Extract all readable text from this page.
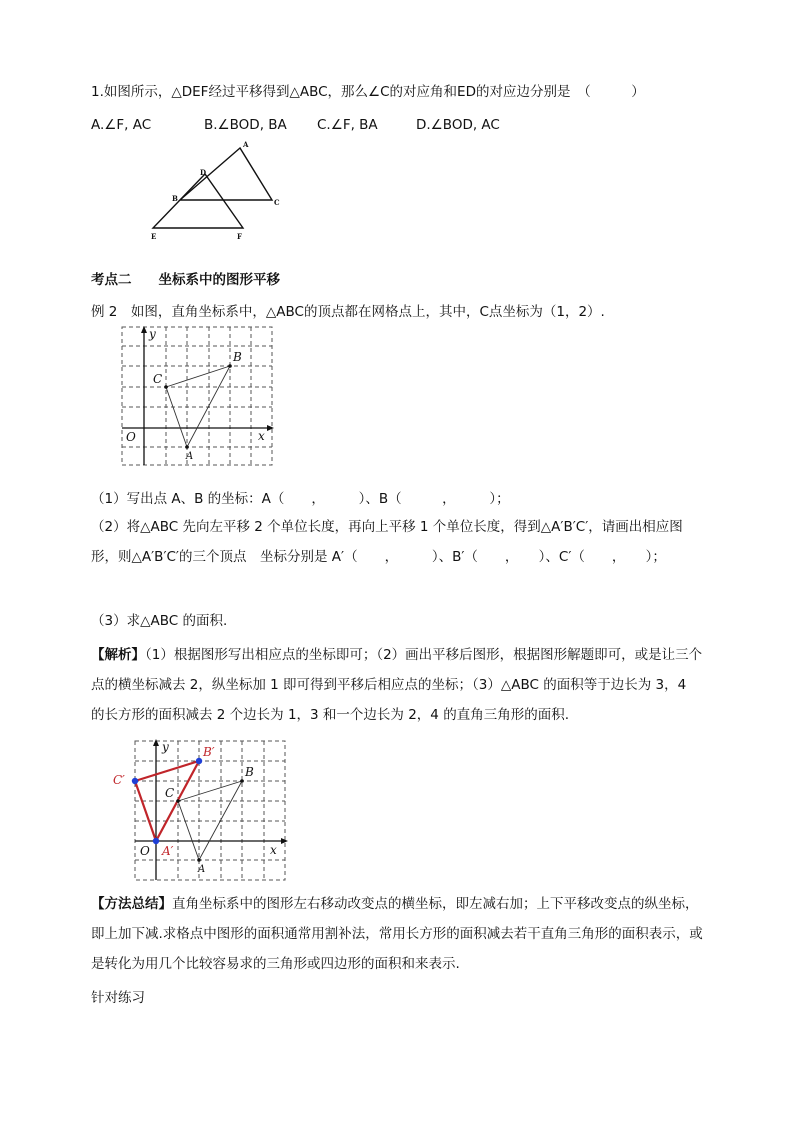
1.如图所示，△DEF经过平移得到△ABC，那么∠C的对应角和ED的对应边分别是　（　　　）
A.∠F, AC	B.∠BOD, BA C.∠F, BA	D.∠BOD, AC
A
D
B	C
E	F
考点二　　坐标系中的图形平移
例 2　如图，直角坐标系中，△ABC的顶点都在网格点上，其中，C点坐标为（1，2）.
y
x
O
C
B
A
（1）写出点 A、B 的坐标：A（　　，　　　）、B（　　　，　　　）；
（2）将△ABC 先向左平移 2 个单位长度，再向上平移 1 个单位长度，得到△A′B′C′，请画出相应图形，则△A′B′C′的三个顶点　坐标分别是 A′（　　，　　　）、B′（　　，　　）、C′（　　，　　）；
（3）求△ABC 的面积.
【解析】（1）根据图形写出相应点的坐标即可；（2）画出平移后图形，根据图形解题即可，或是让三个点的横坐标减去 2，纵坐标加 1 即可得到平移后相应点的坐标；（3）△ABC 的面积等于边长为 3，4 的长方形的面积减去 2 个边长为 1，3 和一个边长为 2，4 的直角三角形的面积.
y
x
O
C
B
A
C′
B′
A′
【方法总结】直角坐标系中的图形左右移动改变点的横坐标，即左减右加；上下平移改变点的纵坐标，即上加下减.求格点中图形的面积通常用割补法，常用长方形的面积减去若干直角三角形的面积表示，或是转化为用几个比较容易求的三角形或四边形的面积和来表示.
针对练习
